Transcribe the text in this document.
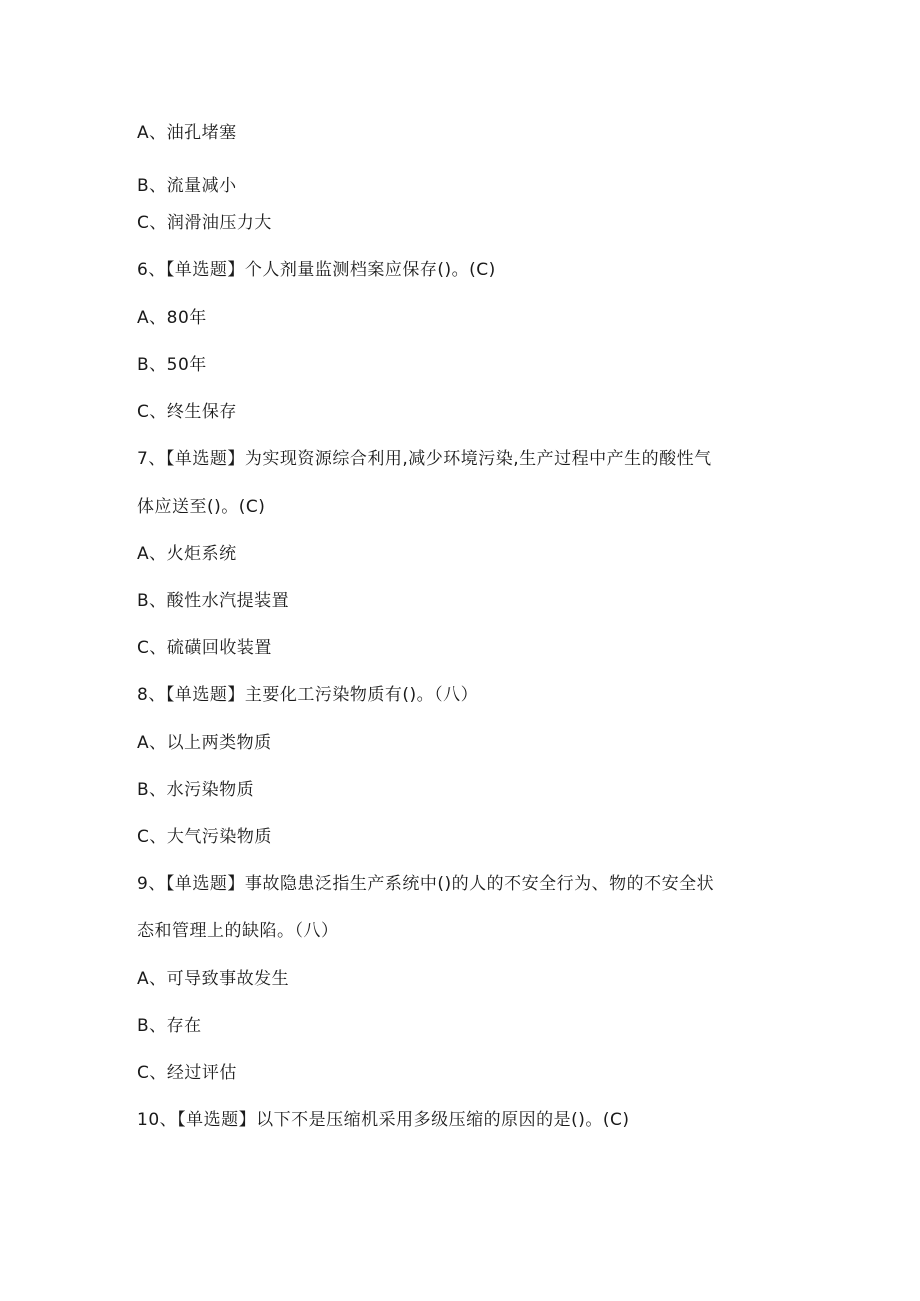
A、油孔堵塞
B、流量减小
C、润滑油压力大
6、【单选题】个人剂量监测档案应保存()。(C)
A、80年
B、50年
C、终生保存
7、【单选题】为实现资源综合利用,减少环境污染,生产过程中产生的酸性气
体应送至()。(C)
A、火炬系统
B、酸性水汽提装置
C、硫磺回收装置
8、【单选题】主要化工污染物质有()。（八）
A、以上两类物质
B、水污染物质
C、大气污染物质
9、【单选题】事故隐患泛指生产系统中()的人的不安全行为、物的不安全状
态和管理上的缺陷。（八）
A、可导致事故发生
B、存在
C、经过评估
10、【单选题】以下不是压缩机采用多级压缩的原因的是()。(C)
